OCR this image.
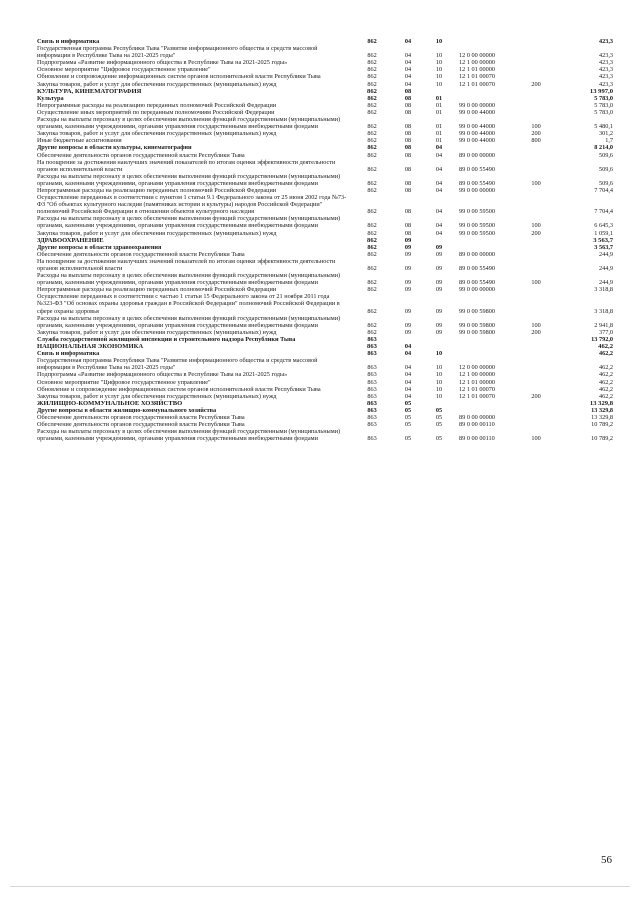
Связь и информатика	862	04	10	423,3
Государственная программа Республики Тыва "Развитие информационного общества и средств массовой информации в Республике Тыва на 2021-2025 годы"	862	04	10	12 0 00 00000	423,3
Подпрограмма «Развитие информационного общества в Республике Тыва на 2021-2025 годы»	862	04	10	12 1 00 00000	423,3
Основное мероприятие "Цифровое государственное управление"	862	04	10	12 1 01 00000	423,3
Обновление и сопровождение информационных систем органов исполнительной власти Республики Тыва	862	04	10	12 1 01 00070	423,3
Закупка товаров, работ и услуг для обеспечения государственных (муниципальных) нужд	862	04	10	12 1 01 00070	200	423,3
КУЛЬТУРА, КИНЕМАТОГРАФИЯ	862	08	13 997,0
Культура	862	08	01	5 783,0
Непрограммные расходы на реализацию переданных полномочий Российской Федерации	862	08	01	99 0 00 00000	5 783,0
Осуществление иных мероприятий по переданным полномочиям Российской Федерации	862	08	01	99 0 00 44000	5 783,0
Расходы на выплаты персоналу в целях обеспечения выполнения функций государственными (муниципальными) органами, казенными учреждениями, органами управления государственными внебюджетными фондами	862	08	01	99 0 00 44000	100	5 480,1
Закупка товаров, работ и услуг для обеспечения государственных (муниципальных) нужд	862	08	01	99 0 00 44000	200	301,2
Иные бюджетные ассигнования	862	08	01	99 0 00 44000	800	1,7
Другие вопросы в области культуры, кинематографии	862	08	04	8 214,0
Обеспечение деятельности органов государственной власти Республики Тыва	862	08	04	89 0 00 00000	509,6
На поощрение за достижения наилучших значений показателей по итогам оценки эффективности деятельности органов исполнительной власти	862	08	04	89 0 00 55490	509,6
Расходы на выплаты персоналу в целях обеспечения выполнения функций государственными (муниципальными) органами, казенными учреждениями, органами управления государственными внебюджетными фондами	862	08	04	89 0 00 55490	100	509,6
Непрограммные расходы на реализацию переданных полномочий Российской Федерации	862	08	04	99 0 00 00000	7 704,4
Осуществление переданных в соответствии с пунктом 1 статьи 9.1 Федерального закона от 25 июня 2002 года №73-ФЗ "Об объектах культурного наследия (памятниках истории и культуры) народов Российской Федерации" полномочий Российской Федерации в отношении объектов культурного наследия	862	08	04	99 0 00 59500	7 704,4
Расходы на выплаты персоналу в целях обеспечения выполнения функций государственными (муниципальными) органами, казенными учреждениями, органами управления государственными внебюджетными фондами	862	08	04	99 0 00 59500	100	6 645,3
Закупка товаров, работ и услуг для обеспечения государственных (муниципальных) нужд	862	08	04	99 0 00 59500	200	1 059,1
ЗДРАВООХРАНЕНИЕ	862	09	3 563,7
Другие вопросы в области здравоохранения	862	09	09	3 563,7
Обеспечение деятельности органов государственной власти Республики Тыва	862	09	09	89 0 00 00000	244,9
На поощрение за достижения наилучших значений показателей по итогам оценки эффективности деятельности органов исполнительной власти	862	09	09	89 0 00 55490	244,9
Расходы на выплаты персоналу в целях обеспечения выполнения функций государственными (муниципальными) органами, казенными учреждениями, органами управления государственными внебюджетными фондами	862	09	09	89 0 00 55490	100	244,9
Непрограммные расходы на реализацию переданных полномочий Российской Федерации	862	09	09	99 0 00 00000	3 318,8
Осуществление переданных в соответствии с частью 1 статьи 15 Федерального закона от 21 ноября 2011 года №323-ФЗ "Об основах охраны здоровья граждан в Российской Федерации" полномочий Российской Федерации в сфере охраны здоровья	862	09	09	99 0 00 59800	3 318,8
Расходы на выплаты персоналу в целях обеспечения выполнения функций государственными (муниципальными) органами, казенными учреждениями, органами управления государственными внебюджетными фондами	862	09	09	99 0 00 59800	100	2 941,8
Закупка товаров, работ и услуг для обеспечения государственных (муниципальных) нужд	862	09	09	99 0 00 59800	200	377,0
Служба государственной жилищной инспекции и строительного надзора Республики Тыва	863	13 792,0
НАЦИОНАЛЬНАЯ ЭКОНОМИКА	863	04	462,2
Связь и информатика	863	04	10	462,2
Государственная программа Республики Тыва "Развитие информационного общества и средств массовой информации в Республике Тыва на 2021-2025 годы"	863	04	10	12 0 00 00000	462,2
Подпрограмма «Развитие информационного общества в Республике Тыва на 2021-2025 годы»	863	04	10	12 1 00 00000	462,2
Основное мероприятие "Цифровое государственное управление"	863	04	10	12 1 01 00000	462,2
Обновление и сопровождение информационных систем органов исполнительной власти Республики Тыва	863	04	10	12 1 01 00070	462,2
Закупка товаров, работ и услуг для обеспечения государственных (муниципальных) нужд	863	04	10	12 1 01 00070	200	462,2
ЖИЛИЩНО-КОММУНАЛЬНОЕ ХОЗЯЙСТВО	863	05	13 329,8
Другие вопросы в области жилищно-коммунального хозяйства	863	05	05	13 329,8
Обеспечение деятельности органов государственной власти Республики Тыва	863	05	05	89 0 00 00000	13 329,8
Обеспечение деятельности органов государственной власти Республики Тыва	863	05	05	89 0 00 00110	10 789,2
Расходы на выплаты персоналу в целях обеспечения выполнения функций государственными (муниципальными) органами, казенными учреждениями, органами управления государственными внебюджетными фондами	863	05	05	89 0 00 00110	100	10 789,2
56
